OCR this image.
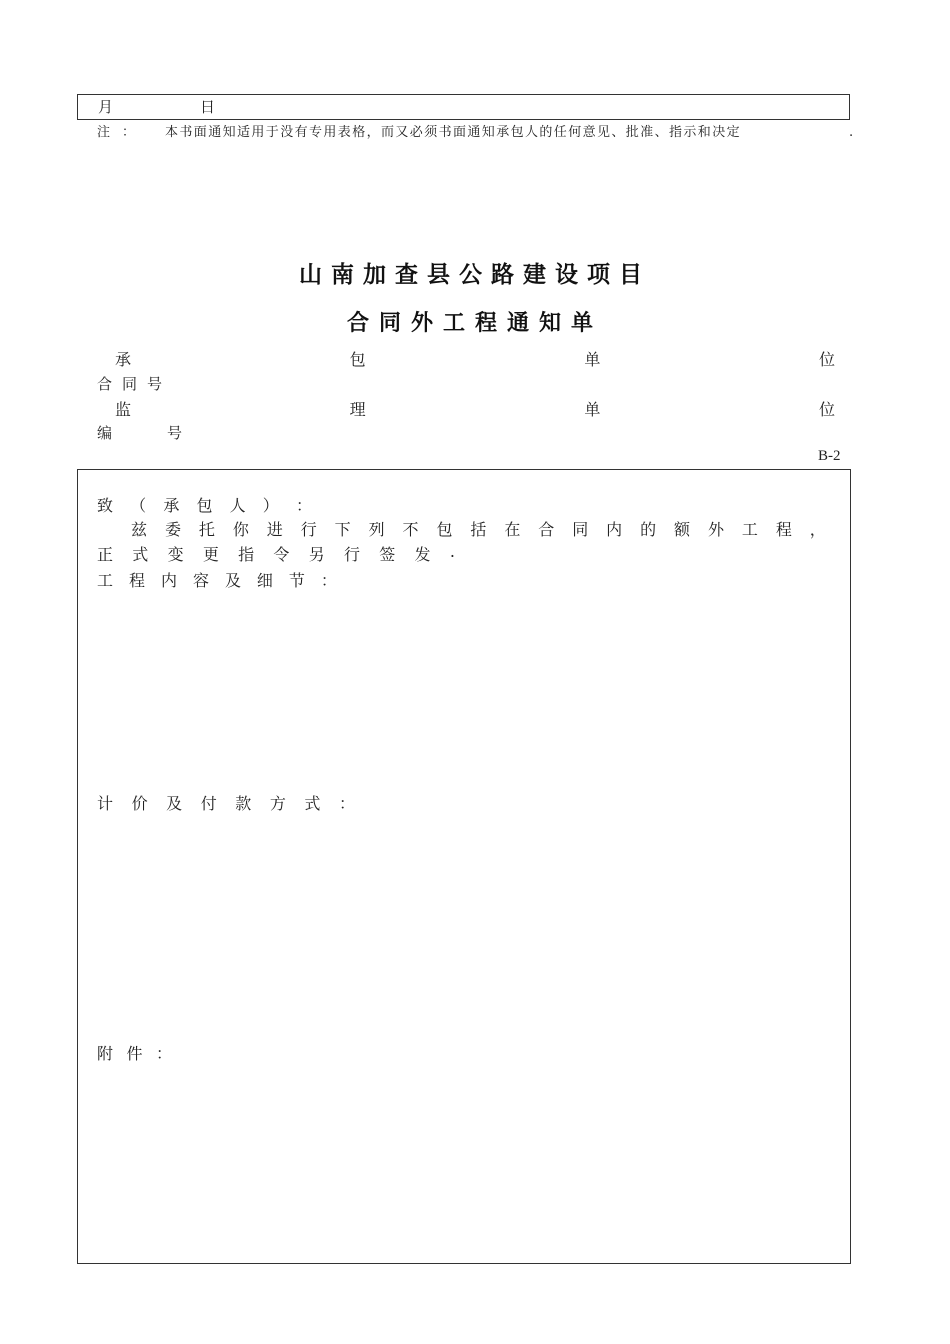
月	日
注： 本书面通知适用于没有专用表格，而又必须书面通知承包人的任何意见、批准、指示和决定	.
山南加查县公路建设项目
合同外工程通知单
承	包	单	位
合同号
监	理	单	位
编	号
B-2
致 （ 承 包 人 ） ：
兹 委 托 你 进 行 下 列 不 包 括 在 合 同 内 的 额 外 工 程 ，
正 式 变 更 指 令 另 行 签 发 .
工 程 内 容 及 细 节 ：
计 价 及 付 款 方 式 ：
附 件 ：
